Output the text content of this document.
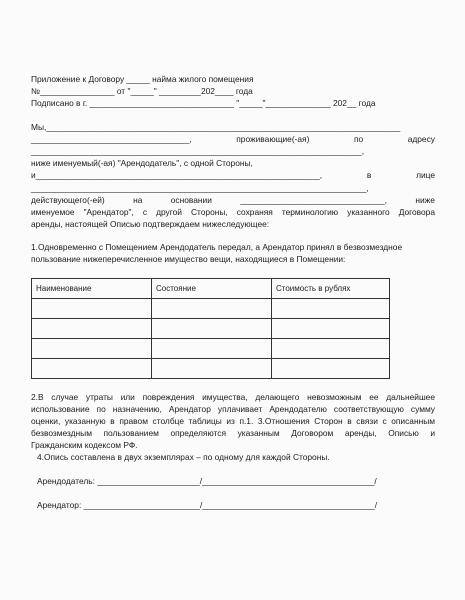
Приложение к Договору _____ найма жилого помещения

№________________ от "_____" _________202____ года

Подписано в г. _______________________________ "_____"______________ 202__ года

Мы,____________________________________________________________________________

__________________________________,	проживающие(-ая)	по	адресу

_______________________________________________________________________,

ниже именуемый(-ая) "Арендодатель", с одной Стороны,

и_____________________________________________________________,	в	лице

________________________________________________________________________,

действующего(-ей)	на	основании	_______________________________,	ниже

именуемое "Арендатор", с другой Стороны, сохраняя терминологию указанного Договора

аренды, настоящей Описью подтверждаем нижеследующее:

1.Одновременно с Помещением Арендодатель передал, а Арендатор принял в безвозмездное

пользование нижеперечисленное имущество вещи, находящиеся в Помещении:

Наименование	Состояние	Стоимость в рублях

2.В случае утраты или повреждения имущества, делающего невозможным ее дальнейшее

использование по назначению, Арендатор уплачивает Арендодателю соответствующую сумму

оценки, указанную в правом столбце таблицы из п.1. 3.Отношения Сторон в связи с описанным

безвозмездным пользованием определяются указанным Договором аренды, Описью и

Гражданским кодексом РФ.

4.Опись составлена в двух экземплярах – по одному для каждой Стороны.

Арендодатель: ______________________/_____________________________________/

Арендатор: _________________________/_____________________________________/
